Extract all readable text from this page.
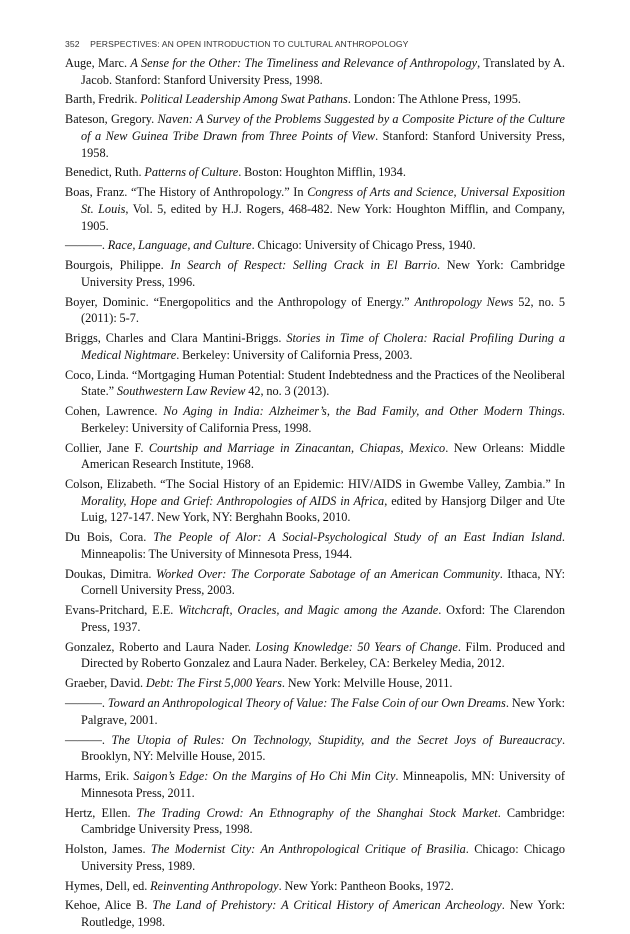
352 PERSPECTIVES: AN OPEN INTRODUCTION TO CULTURAL ANTHROPOLOGY

Auge, Marc. A Sense for the Other: The Timeliness and Relevance of Anthropology, Translated by A. Jacob. Stanford: Stanford University Press, 1998.

Barth, Fredrik. Political Leadership Among Swat Pathans. London: The Athlone Press, 1995.

Bateson, Gregory. Naven: A Survey of the Problems Suggested by a Composite Picture of the Culture of a New Guinea Tribe Drawn from Three Points of View. Stanford: Stanford University Press, 1958.

Benedict, Ruth. Patterns of Culture. Boston: Houghton Mifflin, 1934.

Boas, Franz. “The History of Anthropology.” In Congress of Arts and Science, Universal Exposition St. Louis, Vol. 5, edited by H.J. Rogers, 468-482. New York: Houghton Mifflin, and Company, 1905.

———. Race, Language, and Culture. Chicago: University of Chicago Press, 1940.

Bourgois, Philippe. In Search of Respect: Selling Crack in El Barrio. New York: Cambridge University Press, 1996.

Boyer, Dominic. “Energopolitics and the Anthropology of Energy.” Anthropology News 52, no. 5 (2011): 5-7.

Briggs, Charles and Clara Mantini-Briggs. Stories in Time of Cholera: Racial Profiling During a Medical Nightmare. Berkeley: University of California Press, 2003.

Coco, Linda. “Mortgaging Human Potential: Student Indebtedness and the Practices of the Neoliberal State.” Southwestern Law Review 42, no. 3 (2013).

Cohen, Lawrence. No Aging in India: Alzheimer’s, the Bad Family, and Other Modern Things. Berkeley: University of California Press, 1998.

Collier, Jane F. Courtship and Marriage in Zinacantan, Chiapas, Mexico. New Orleans: Middle American Research Institute, 1968.

Colson, Elizabeth. “The Social History of an Epidemic: HIV/AIDS in Gwembe Valley, Zambia.” In Morality, Hope and Grief: Anthropologies of AIDS in Africa, edited by Hansjorg Dilger and Ute Luig, 127-147. New York, NY: Berghahn Books, 2010.

Du Bois, Cora. The People of Alor: A Social-Psychological Study of an East Indian Island. Minneapolis: The University of Minnesota Press, 1944.

Doukas, Dimitra. Worked Over: The Corporate Sabotage of an American Community. Ithaca, NY: Cornell University Press, 2003.

Evans-Pritchard, E.E. Witchcraft, Oracles, and Magic among the Azande. Oxford: The Clarendon Press, 1937.

Gonzalez, Roberto and Laura Nader. Losing Knowledge: 50 Years of Change. Film. Produced and Directed by Roberto Gonzalez and Laura Nader. Berkeley, CA: Berkeley Media, 2012.

Graeber, David. Debt: The First 5,000 Years. New York: Melville House, 2011.

———. Toward an Anthropological Theory of Value: The False Coin of our Own Dreams. New York: Palgrave, 2001.

———. The Utopia of Rules: On Technology, Stupidity, and the Secret Joys of Bureaucracy. Brooklyn, NY: Melville House, 2015.

Harms, Erik. Saigon’s Edge: On the Margins of Ho Chi Min City. Minneapolis, MN: University of Minnesota Press, 2011.

Hertz, Ellen. The Trading Crowd: An Ethnography of the Shanghai Stock Market. Cambridge: Cambridge University Press, 1998.

Holston, James. The Modernist City: An Anthropological Critique of Brasilia. Chicago: Chicago University Press, 1989.

Hymes, Dell, ed. Reinventing Anthropology. New York: Pantheon Books, 1972.

Kehoe, Alice B. The Land of Prehistory: A Critical History of American Archeology. New York: Routledge, 1998.
